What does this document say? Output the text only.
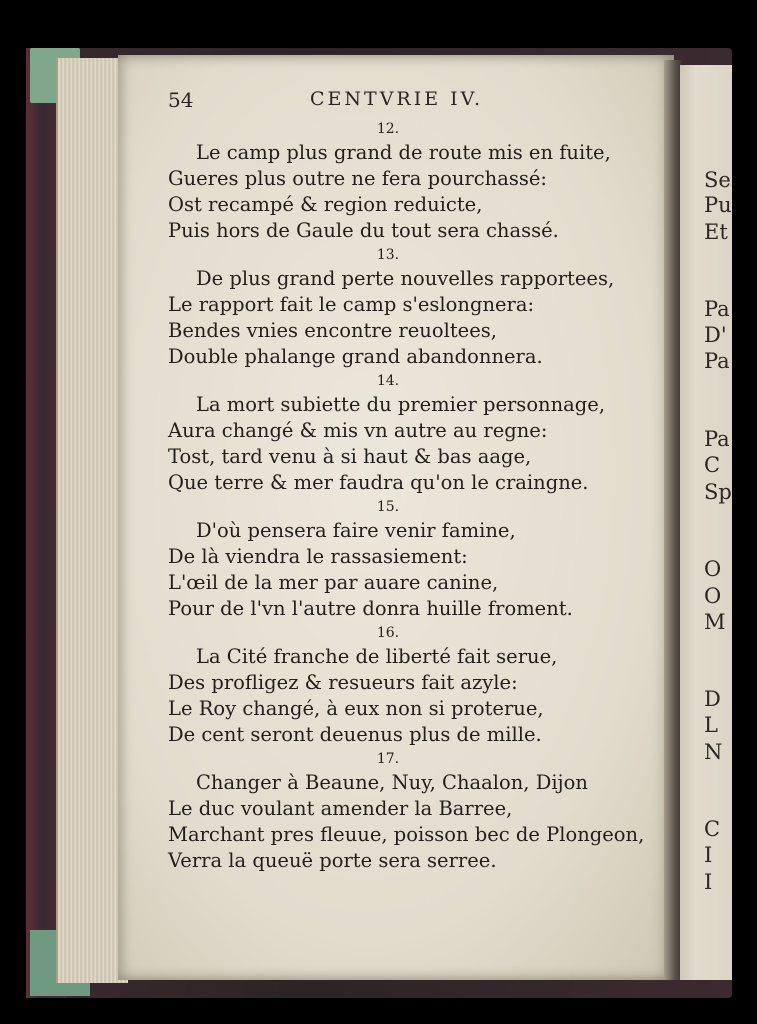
Se
Pu
Et
Pa
D'
Pa
Pa
C
Sp
O
O
M
D
L
N
C
I
I
54	CENTVRIE IV.
12.
Le camp plus grand de route mis en fuite,
Gueres plus outre ne fera pourchassé:
Ost recampé & region reduicte,
Puis hors de Gaule du tout sera chassé.
13.
De plus grand perte nouvelles rapportees,
Le rapport fait le camp s'eslongnera:
Bendes vnies encontre reuoltees,
Double phalange grand abandonnera.
14.
La mort subiette du premier personnage,
Aura changé & mis vn autre au regne:
Tost, tard venu à si haut & bas aage,
Que terre & mer faudra qu'on le craingne.
15.
D'où pensera faire venir famine,
De là viendra le rassasiement:
L'œil de la mer par auare canine,
Pour de l'vn l'autre donra huille froment.
16.
La Cité franche de liberté fait serue,
Des profligez & resueurs fait azyle:
Le Roy changé, à eux non si proterue,
De cent seront deuenus plus de mille.
17.
Changer à Beaune, Nuy, Chaalon, Dijon
Le duc voulant amender la Barree,
Marchant pres fleuue, poisson bec de Plongeon,
Verra la queuë porte sera serree.
